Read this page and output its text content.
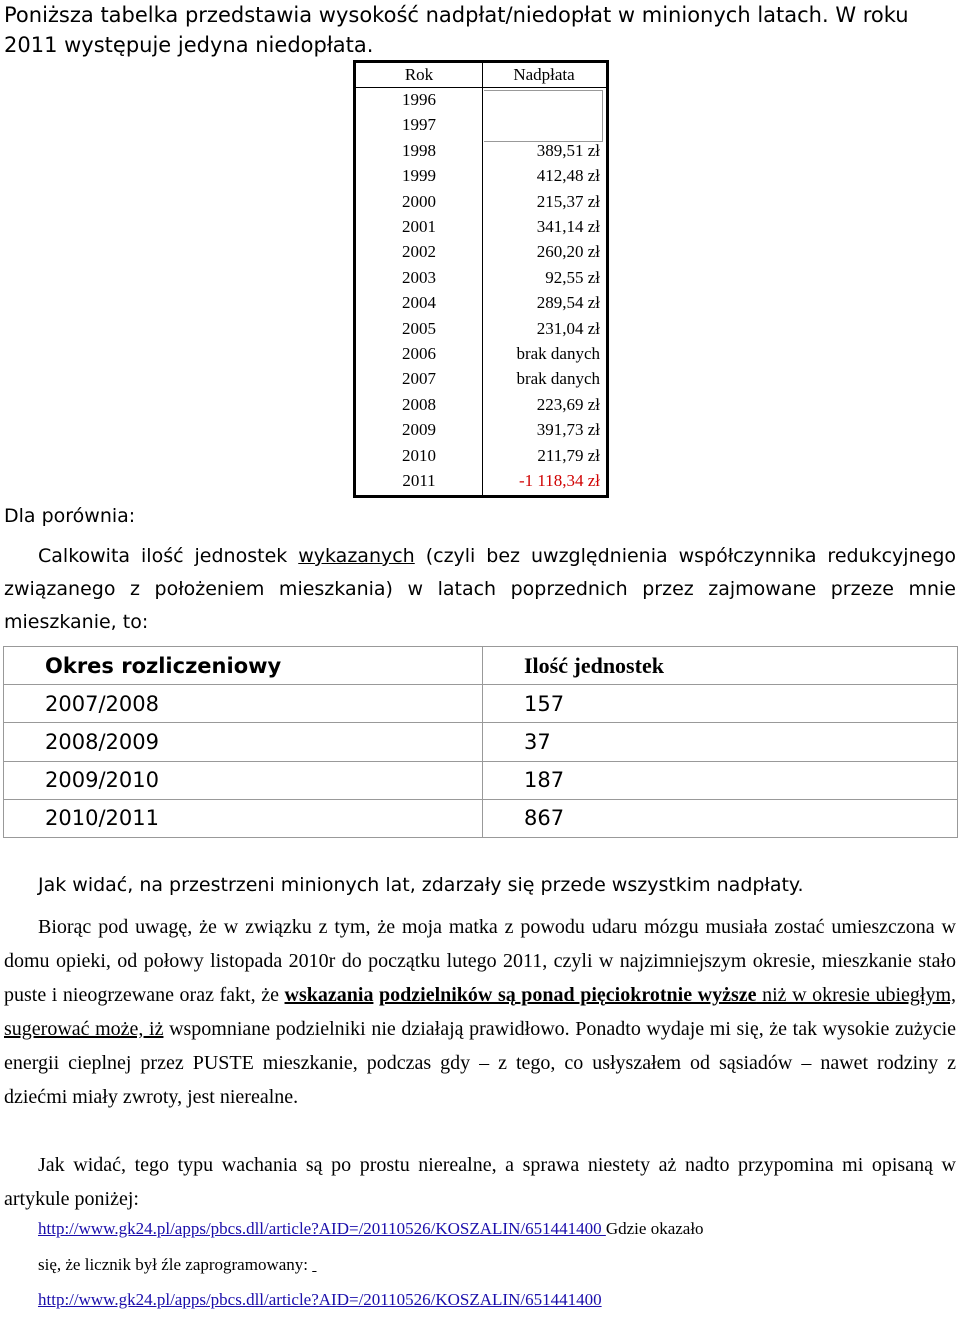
Poniższa tabelka przedstawia wysokość nadpłat/niedopłat w minionych latach. W roku 2011 występuje jedyna niedopłata.
Rok	Nadpłata
1996
1997
1998	389,51 zł
1999	412,48 zł
2000	215,37 zł
2001	341,14 zł
2002	260,20 zł
2003	92,55 zł
2004	289,54 zł
2005	231,04 zł
2006	brak danych
2007	brak danych
2008	223,69 zł
2009	391,73 zł
2010	211,79 zł
2011	-1 118,34 zł
Dla porównia:
Calkowita ilość jednostek wykazanych (czyli bez uwzględnienia współczynnika redukcyjnego związanego z położeniem mieszkania) w latach poprzednich przez zajmowane przeze mnie mieszkanie, to:
Okres rozliczeniowy	Ilość jednostek
2007/2008	157
2008/2009	37
2009/2010	187
2010/2011	867
Jak widać, na przestrzeni minionych lat, zdarzały się przede wszystkim nadpłaty.
Biorąc pod uwagę, że w związku z tym, że moja matka z powodu udaru mózgu musiała zostać umieszczona w domu opieki, od połowy listopada 2010r do początku lutego 2011, czyli w najzimniejszym okresie, mieszkanie stało puste i nieogrzewane oraz fakt, że wskazania podzielników są ponad pięciokrotnie wyższe niż w okresie ubiegłym, sugerować może, iż wspomniane podzielniki nie działają prawidłowo. Ponadto wydaje mi się, że tak wysokie zużycie energii cieplnej przez PUSTE mieszkanie, podczas gdy – z tego, co usłyszałem od sąsiadów – nawet rodziny z dziećmi miały zwroty, jest nierealne.
Jak widać, tego typu wachania są po prostu nierealne, a sprawa niestety aż nadto przypomina mi opisaną w artykule poniżej:
http://www.gk24.pl/apps/pbcs.dll/article?AID=/20110526/KOSZALIN/651441400 Gdzie okazało
się, że licznik był źle zaprogramowany:
http://www.gk24.pl/apps/pbcs.dll/article?AID=/20110526/KOSZALIN/651441400
